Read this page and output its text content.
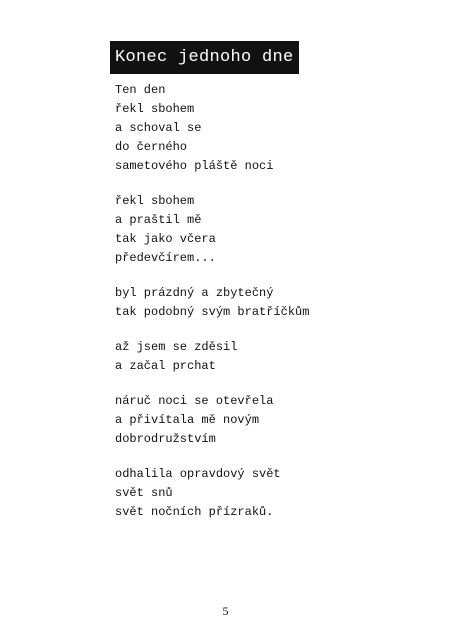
Konec jednoho dne
Ten den
řekl sbohem
a schoval se
do černého
sametového pláště noci
řekl sbohem
a praštil mě
tak jako včera
předevčírem...
byl prázdný a zbytečný
tak podobný svým bratříčkům
až jsem se zděsil
a začal prchat
náruč noci se otevřela
a přivítala mě novým
dobrodružstvím
odhalila opravdový svět
svět snů
svět nočních přízraků.
5
